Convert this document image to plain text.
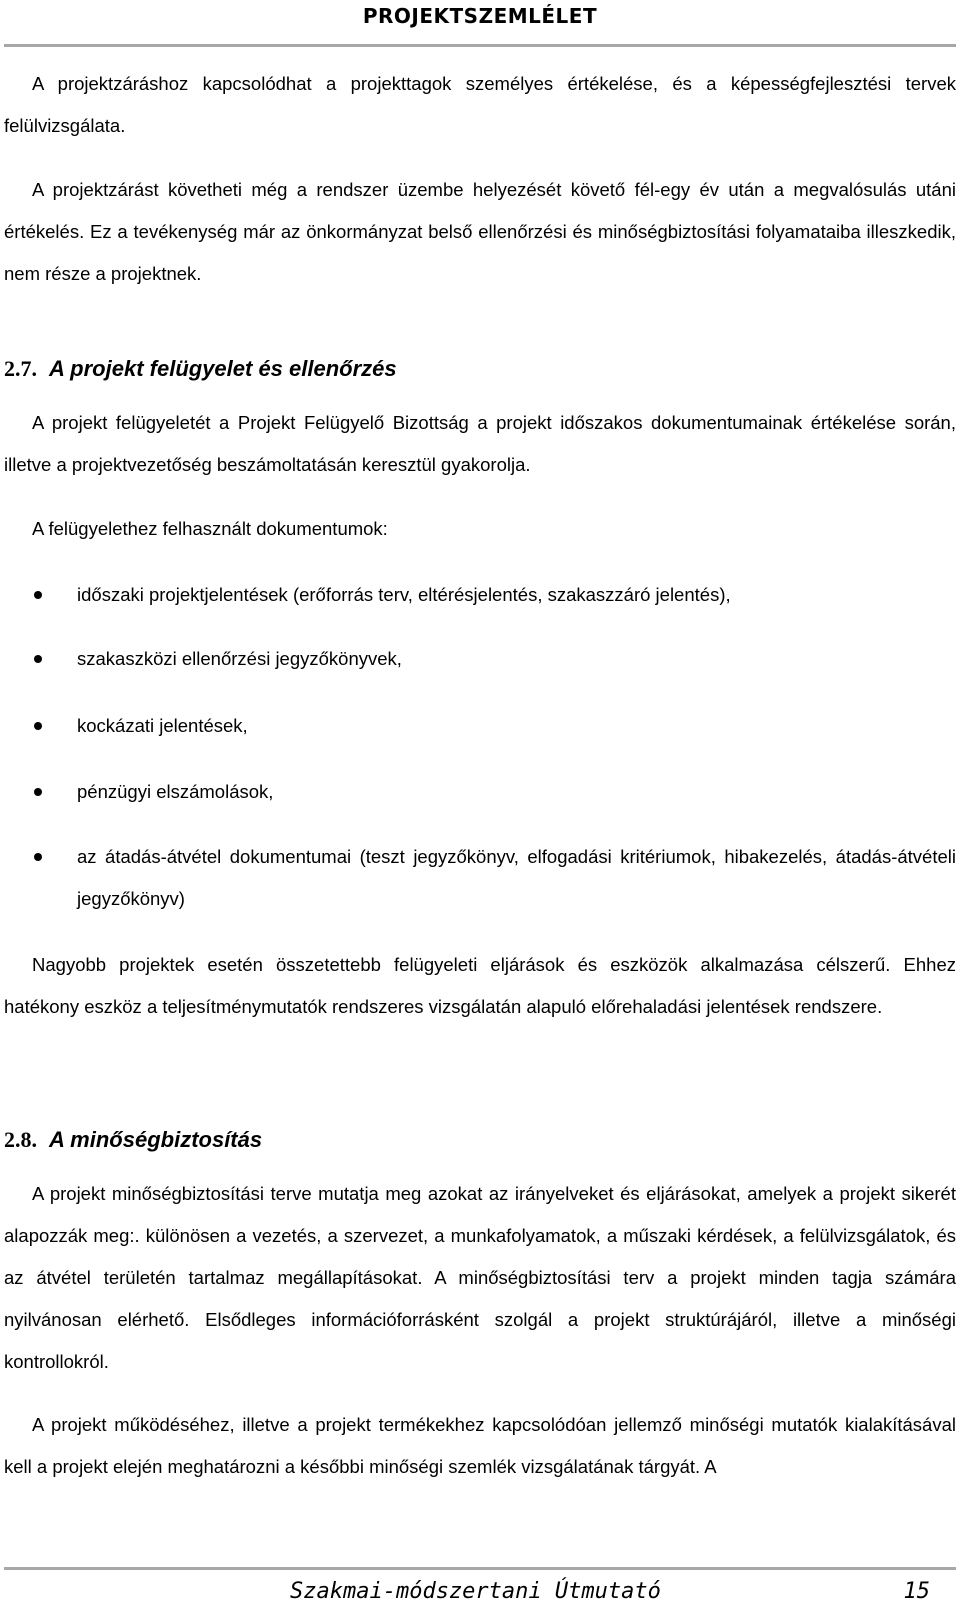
PROJEKTSZEMLÉLET

A projektzáráshoz kapcsolódhat a projekttagok személyes értékelése, és a képességfejlesztési tervek felülvizsgálata.

A projektzárást követheti még a rendszer üzembe helyezését követő fél-egy év után a megvalósulás utáni értékelés. Ez a tevékenység már az önkormányzat belső ellenőrzési és minőségbiztosítási folyamataiba illeszkedik, nem része a projektnek.

2.7. A projekt felügyelet és ellenőrzés

A projekt felügyeletét a Projekt Felügyelő Bizottság a projekt időszakos dokumentumainak értékelése során, illetve a projektvezetőség beszámoltatásán keresztül gyakorolja.

A felügyelethez felhasznált dokumentumok:

időszaki projektjelentések (erőforrás terv, eltérésjelentés, szakaszzáró jelentés),
szakaszközi ellenőrzési jegyzőkönyvek,
kockázati jelentések,
pénzügyi elszámolások,
az átadás-átvétel dokumentumai (teszt jegyzőkönyv, elfogadási kritériumok, hibakezelés, átadás-átvételi jegyzőkönyv)

Nagyobb projektek esetén összetettebb felügyeleti eljárások és eszközök alkalmazása célszerű. Ehhez hatékony eszköz a teljesítménymutatók rendszeres vizsgálatán alapuló előrehaladási jelentések rendszere.

2.8. A minőségbiztosítás

A projekt minőségbiztosítási terve mutatja meg azokat az irányelveket és eljárásokat, amelyek a projekt sikerét alapozzák meg:. különösen a vezetés, a szervezet, a munkafolyamatok, a műszaki kérdések, a felülvizsgálatok, és az átvétel területén tartalmaz megállapításokat. A minőségbiztosítási terv a projekt minden tagja számára nyilvánosan elérhető. Elsődleges információforrásként szolgál a projekt struktúrájáról, illetve a minőségi kontrollokról.

A projekt működéséhez, illetve a projekt termékekhez kapcsolódóan jellemző minőségi mutatók kialakításával kell a projekt elején meghatározni a későbbi minőségi szemlék vizsgálatának tárgyát. A

Szakmai-módszertani Útmutató	15
